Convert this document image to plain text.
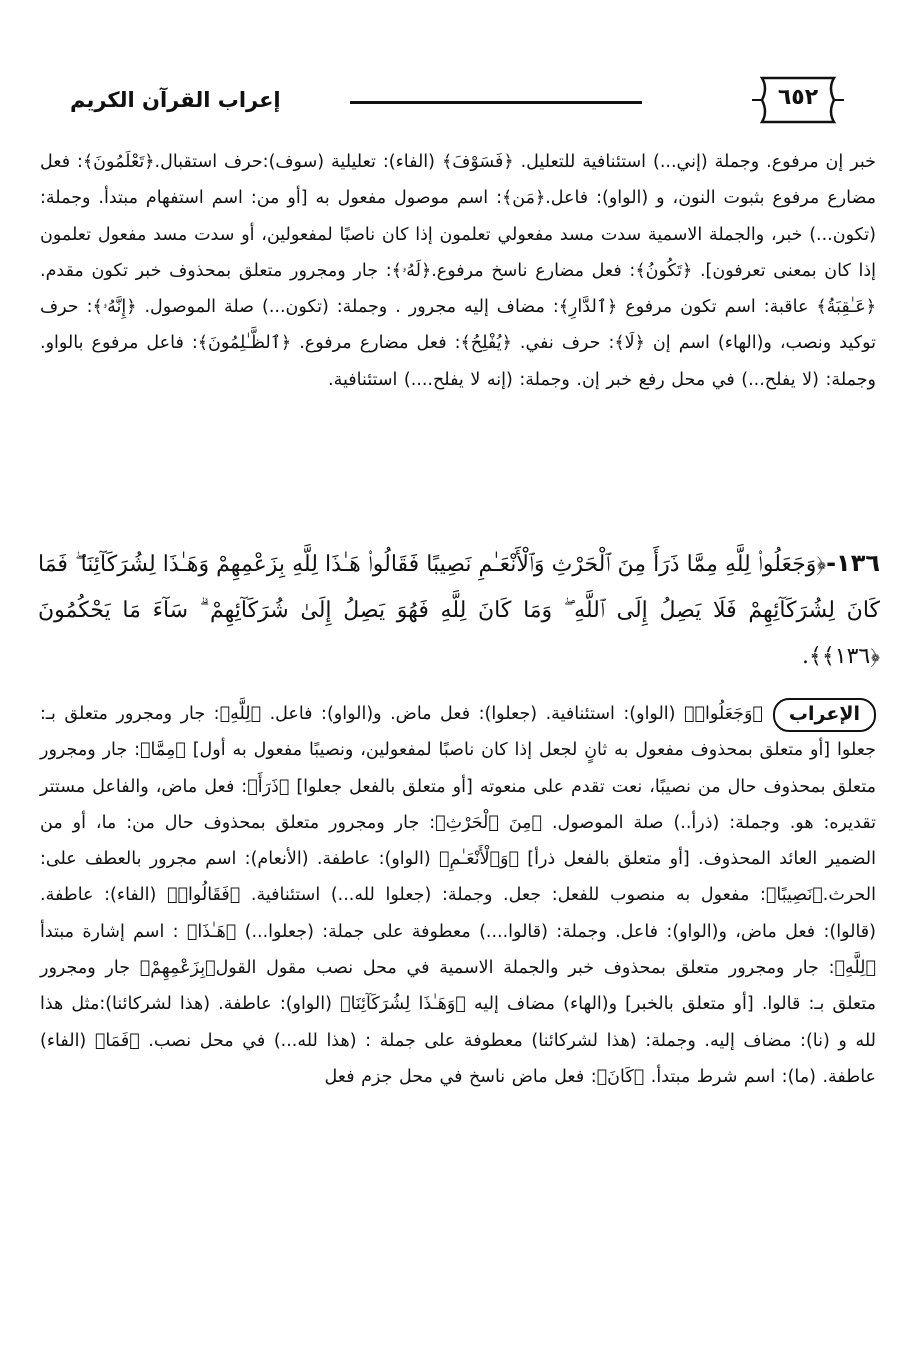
إعراب القرآن الكريم	٦٥٢
خبر إن مرفوع. وجملة (إني...) استئنافية للتعليل. ﴿فَسَوْفَ﴾ (الفاء): تعليلية (سوف):حرف استقبال.﴿تَعْلَمُونَ﴾: فعل مضارع مرفوع بثبوت النون، و (الواو): فاعل.﴿مَن﴾: اسم موصول مفعول به [أو من: اسم استفهام مبتدأ. وجملة: (تكون...) خبر، والجملة الاسمية سدت مسد مفعولي تعلمون إذا كان ناصبًا لمفعولين، أو سدت مسد مفعول تعلمون إذا كان بمعنى تعرفون]. ﴿تَكُونُ﴾: فعل مضارع ناسخ مرفوع.﴿لَهُۥ﴾: جار ومجرور متعلق بمحذوف خبر تكون مقدم. ﴿عَـٰقِبَةُ﴾ عاقبة: اسم تكون مرفوع ﴿ٱلدَّارِ﴾: مضاف إليه مجرور . وجملة: (تكون...) صلة الموصول. ﴿إِنَّهُۥ﴾: حرف توكيد ونصب، و(الهاء) اسم إن ﴿لَا﴾: حرف نفي. ﴿يُفْلِحُ﴾: فعل مضارع مرفوع. ﴿ٱلظَّـٰلِمُونَ﴾: فاعل مرفوع بالواو. وجملة: (لا يفلح...) في محل رفع خبر إن. وجملة: (إنه لا يفلح....) استئنافية.
١٣٦-﴿وَجَعَلُوا۟ لِلَّهِ مِمَّا ذَرَأَ مِنَ ٱلْحَرْثِ وَٱلْأَنْعَـٰمِ نَصِيبًا فَقَالُوا۟ هَـٰذَا لِلَّهِ بِزَعْمِهِمْ وَهَـٰذَا لِشُرَكَآئِنَا ۖ فَمَا كَانَ لِشُرَكَآئِهِمْ فَلَا يَصِلُ إِلَى ٱللَّهِ ۖ وَمَا كَانَ لِلَّهِ فَهُوَ يَصِلُ إِلَىٰ شُرَكَآئِهِمْ ۗ سَآءَ مَا يَحْكُمُونَ ﴿١٣٦﴾﴾.
الإعراب
﴿وَجَعَلُوا۟﴾ (الواو): استئنافية. (جعلوا): فعل ماض. و(الواو): فاعل. ﴿لِلَّهِ﴾: جار ومجرور متعلق بـ: جعلوا [أو متعلق بمحذوف مفعول به ثانٍ لجعل إذا كان ناصبًا لمفعولين، ونصيبًا مفعول به أول] ﴿مِمَّا﴾: جار ومجرور متعلق بمحذوف حال من نصيبًا، نعت تقدم على منعوته [أو متعلق بالفعل جعلوا] ﴿ذَرَأَ﴾: فعل ماض، والفاعل مستتر تقديره: هو. وجملة: (ذرأ..) صلة الموصول. ﴿مِنَ ٱلْحَرْثِ﴾: جار ومجرور متعلق بمحذوف حال من: ما، أو من الضمير العائد المحذوف. [أو متعلق بالفعل ذرأ] ﴿وَٱلْأَنْعَـٰمِ﴾ (الواو): عاطفة. (الأنعام): اسم مجرور بالعطف على: الحرث.﴿نَصِيبًا﴾: مفعول به منصوب للفعل: جعل. وجملة: (جعلوا لله...) استئنافية. ﴿فَقَالُوا۟﴾ (الفاء): عاطفة. (قالوا): فعل ماض، و(الواو): فاعل. وجملة: (قالوا....) معطوفة على جملة: (جعلوا...) ﴿هَـٰذَا﴾ : اسم إشارة مبتدأ ﴿لِلَّهِ﴾: جار ومجرور متعلق بمحذوف خبر والجملة الاسمية في محل نصب مقول القول﴿بِزَعْمِهِمْ﴾ جار ومجرور متعلق بـ: قالوا. [أو متعلق بالخبر] و(الهاء) مضاف إليه ﴿وَهَـٰذَا لِشُرَكَآئِنَا﴾ (الواو): عاطفة. (هذا لشركائنا):مثل هذا لله و (نا): مضاف إليه. وجملة: (هذا لشركائنا) معطوفة على جملة : (هذا لله...) في محل نصب. ﴿فَمَا﴾ (الفاء) عاطفة. (ما): اسم شرط مبتدأ. ﴿كَانَ﴾: فعل ماض ناسخ في محل جزم فعل
